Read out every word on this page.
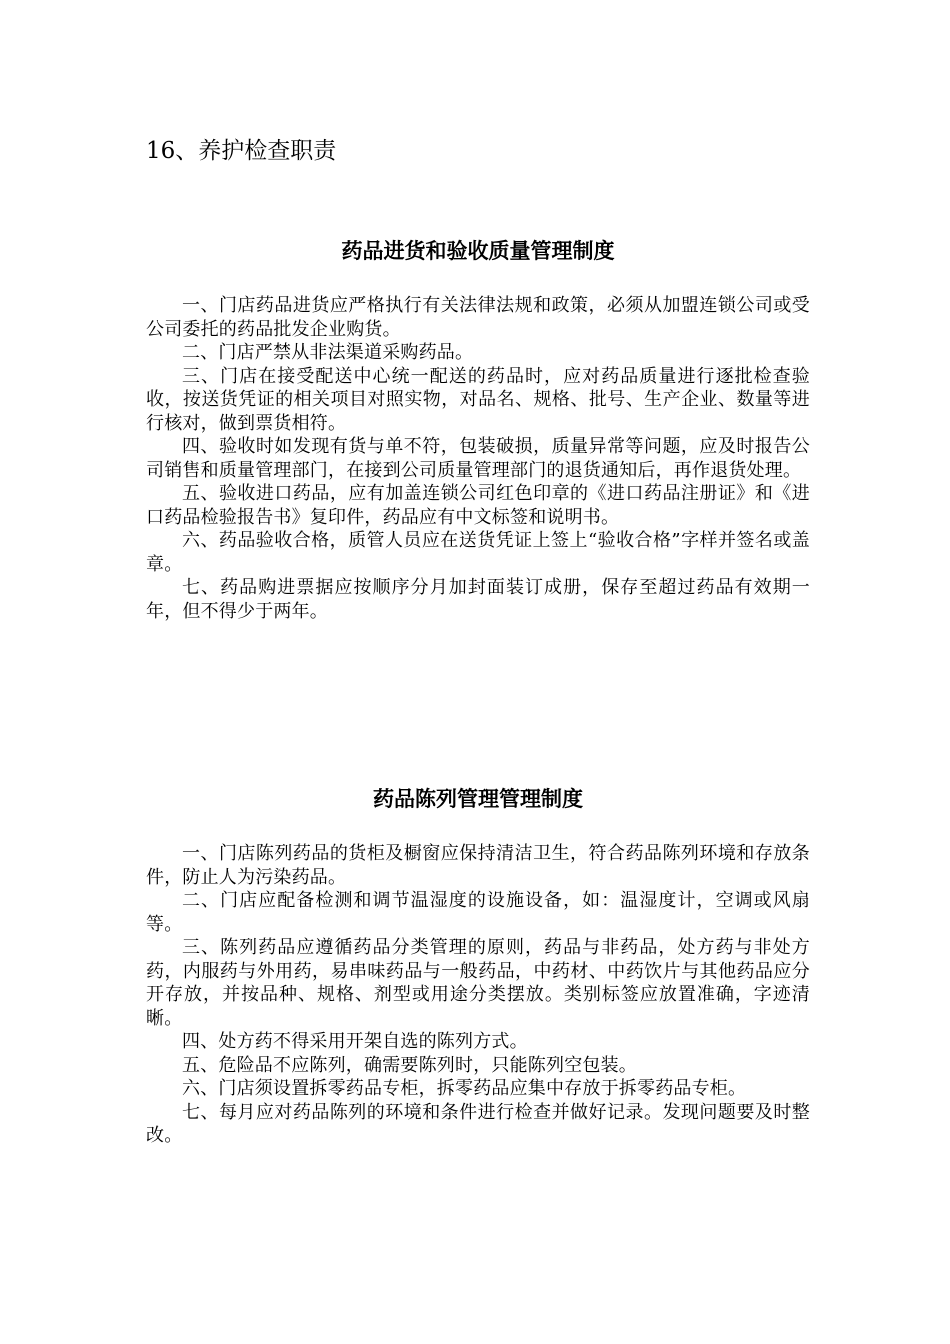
16、养护检查职责
药品进货和验收质量管理制度

一、门店药品进货应严格执行有关法律法规和政策，必须从加盟连锁公司或受公司委托的药品批发企业购货。

二、门店严禁从非法渠道采购药品。

三、门店在接受配送中心统一配送的药品时，应对药品质量进行逐批检查验收，按送货凭证的相关项目对照实物，对品名、规格、批号、生产企业、数量等进行核对，做到票货相符。

四、验收时如发现有货与单不符，包装破损，质量异常等问题，应及时报告公司销售和质量管理部门，在接到公司质量管理部门的退货通知后，再作退货处理。

五、验收进口药品，应有加盖连锁公司红色印章的《进口药品注册证》和《进口药品检验报告书》复印件，药品应有中文标签和说明书。

六、药品验收合格，质管人员应在送货凭证上签上“验收合格”字样并签名或盖章。

七、药品购进票据应按顺序分月加封面装订成册，保存至超过药品有效期一年，但不得少于两年。

药品陈列管理管理制度

一、门店陈列药品的货柜及橱窗应保持清洁卫生，符合药品陈列环境和存放条件，防止人为污染药品。

二、门店应配备检测和调节温湿度的设施设备，如：温湿度计，空调或风扇等。

三、陈列药品应遵循药品分类管理的原则，药品与非药品，处方药与非处方药，内服药与外用药，易串味药品与一般药品，中药材、中药饮片与其他药品应分开存放，并按品种、规格、剂型或用途分类摆放。类别标签应放置准确，字迹清晰。

四、处方药不得采用开架自选的陈列方式。

五、危险品不应陈列，确需要陈列时，只能陈列空包装。

六、门店须设置拆零药品专柜，拆零药品应集中存放于拆零药品专柜。

七、每月应对药品陈列的环境和条件进行检查并做好记录。发现问题要及时整改。
